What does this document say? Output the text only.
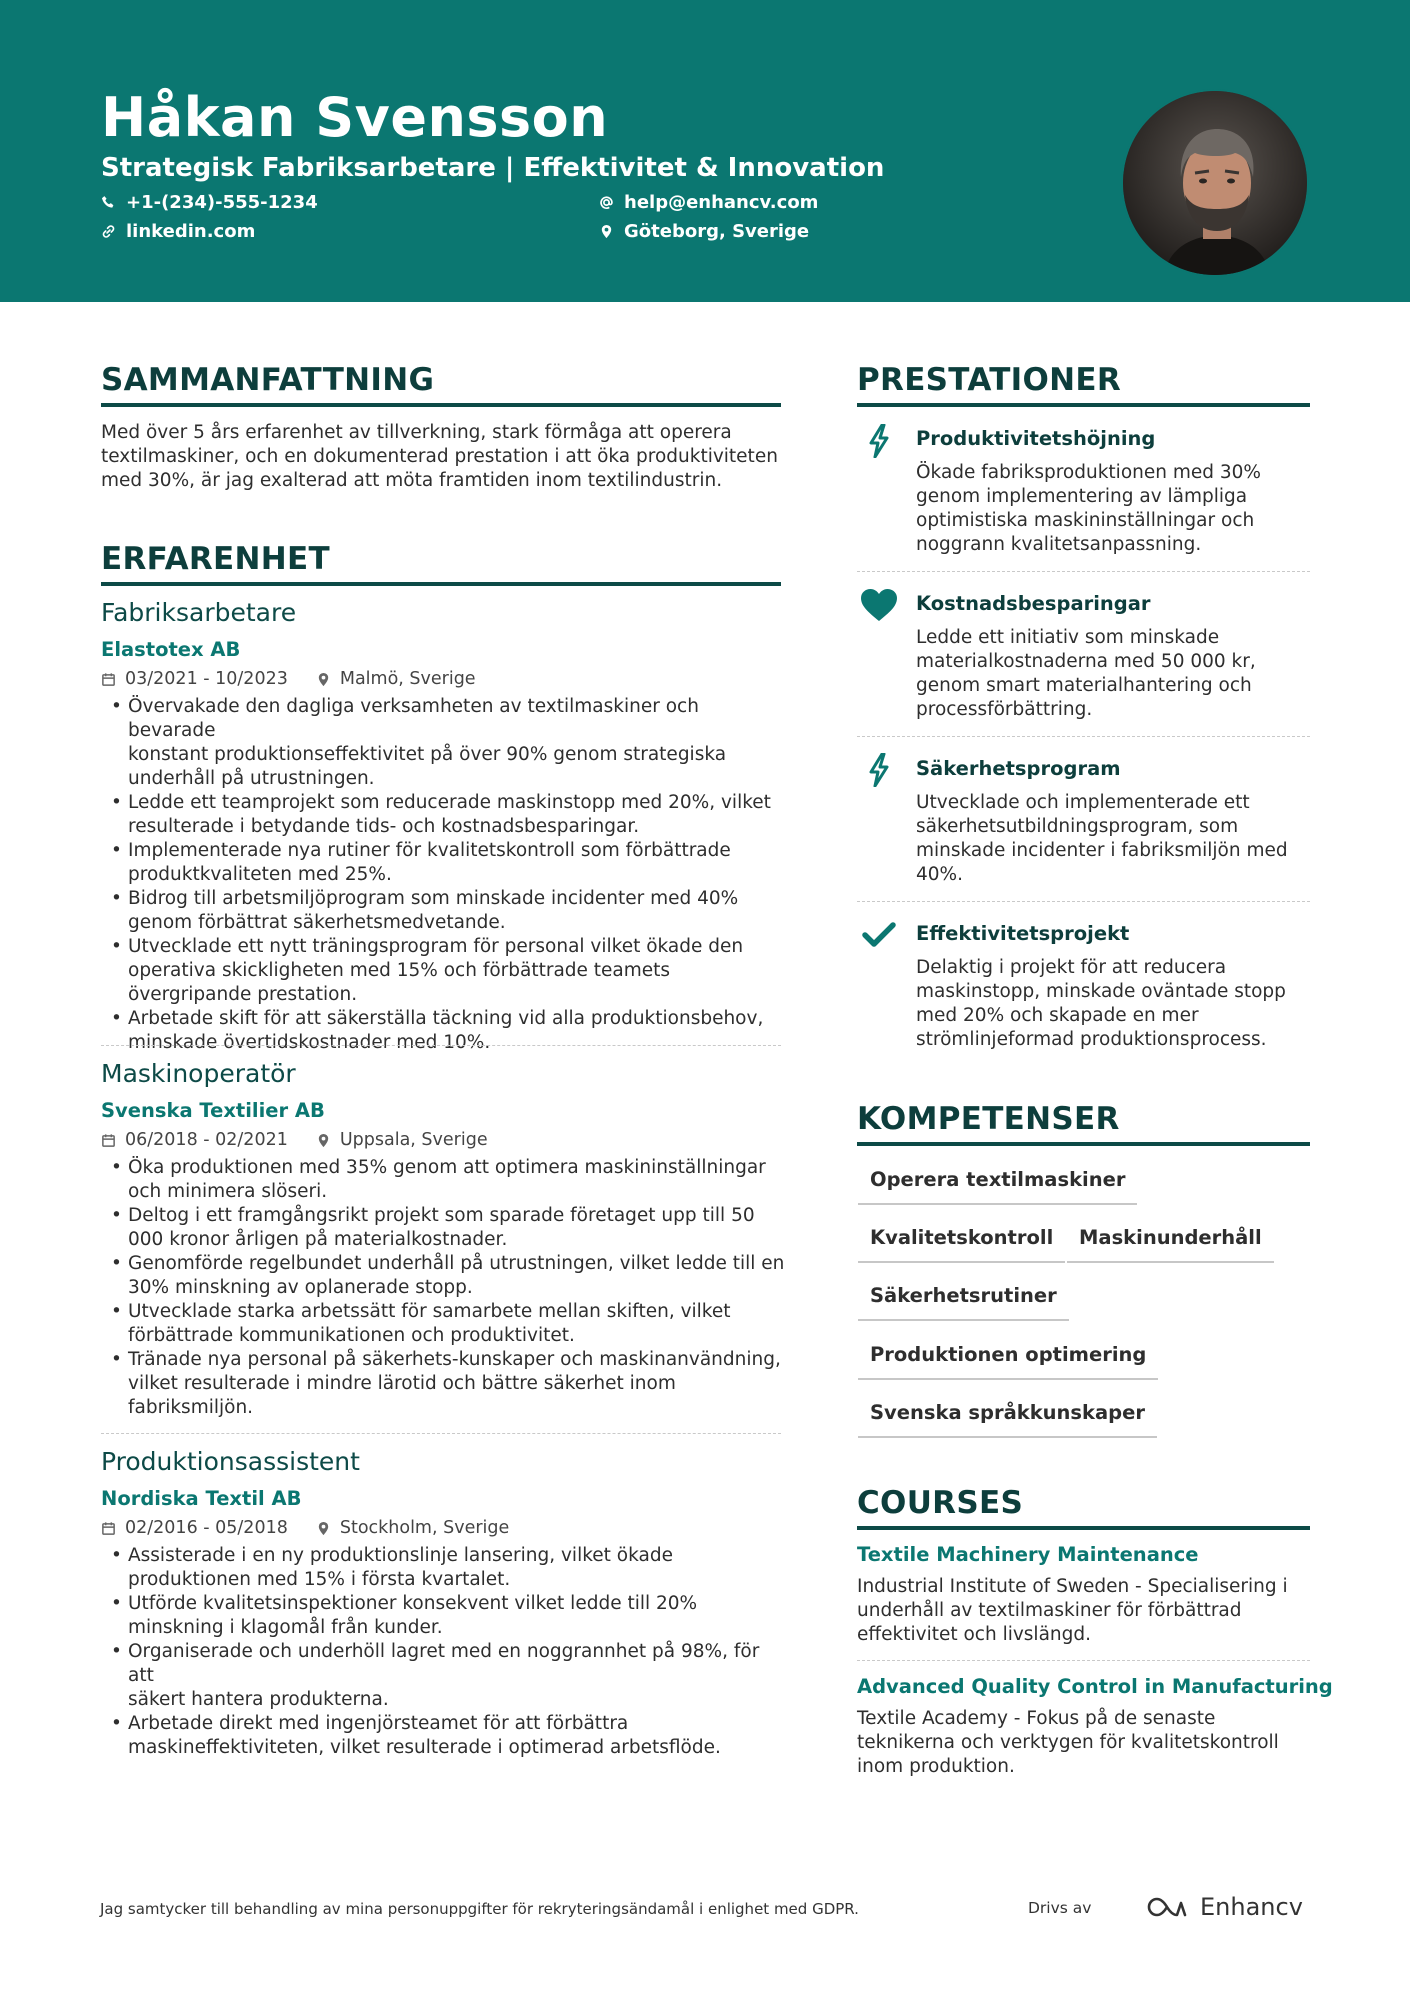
Håkan Svensson
Strategisk Fabriksarbetare | Effektivitet & Innovation
+1-(234)-555-1234	help@enhancv.com
linkedin.com	Göteborg, Sverige
SAMMANFATTNING
Med över 5 års erfarenhet av tillverkning, stark förmåga att operera
textilmaskiner, och en dokumenterad prestation i att öka produktiviteten
med 30%, är jag exalterad att möta framtiden inom textilindustrin.
ERFARENHET
Fabriksarbetare
Elastotex AB
03/2021 - 10/2023	Malmö, Sverige
• Övervakade den dagliga verksamheten av textilmaskiner och bevarade
konstant produktionseffektivitet på över 90% genom strategiska
underhåll på utrustningen.
• Ledde ett teamprojekt som reducerade maskinstopp med 20%, vilket
resulterade i betydande tids- och kostnadsbesparingar.
• Implementerade nya rutiner för kvalitetskontroll som förbättrade
produktkvaliteten med 25%.
• Bidrog till arbetsmiljöprogram som minskade incidenter med 40%
genom förbättrat säkerhetsmedvetande.
• Utvecklade ett nytt träningsprogram för personal vilket ökade den
operativa skickligheten med 15% och förbättrade teamets
övergripande prestation.
• Arbetade skift för att säkerställa täckning vid alla produktionsbehov,
minskade övertidskostnader med 10%.
Maskinoperatör
Svenska Textilier AB
06/2018 - 02/2021	Uppsala, Sverige
• Öka produktionen med 35% genom att optimera maskininställningar
och minimera slöseri.
• Deltog i ett framgångsrikt projekt som sparade företaget upp till 50
000 kronor årligen på materialkostnader.
• Genomförde regelbundet underhåll på utrustningen, vilket ledde till en
30% minskning av oplanerade stopp.
• Utvecklade starka arbetssätt för samarbete mellan skiften, vilket
förbättrade kommunikationen och produktivitet.
• Tränade nya personal på säkerhets-kunskaper och maskinanvändning,
vilket resulterade i mindre lärotid och bättre säkerhet inom
fabriksmiljön.
Produktionsassistent
Nordiska Textil AB
02/2016 - 05/2018	Stockholm, Sverige
• Assisterade i en ny produktionslinje lansering, vilket ökade
produktionen med 15% i första kvartalet.
• Utförde kvalitetsinspektioner konsekvent vilket ledde till 20%
minskning i klagomål från kunder.
• Organiserade och underhöll lagret med en noggrannhet på 98%, för att
säkert hantera produkterna.
• Arbetade direkt med ingenjörsteamet för att förbättra
maskineffektiviteten, vilket resulterade i optimerad arbetsflöde.
PRESTATIONER
Produktivitetshöjning
Ökade fabriksproduktionen med 30%
genom implementering av lämpliga
optimistiska maskininställningar och
noggrann kvalitetsanpassning.
Kostnadsbesparingar
Ledde ett initiativ som minskade
materialkostnaderna med 50 000 kr,
genom smart materialhantering och
processförbättring.
Säkerhetsprogram
Utvecklade och implementerade ett
säkerhetsutbildningsprogram, som
minskade incidenter i fabriksmiljön med
40%.
Effektivitetsprojekt
Delaktig i projekt för att reducera
maskinstopp, minskade oväntade stopp
med 20% och skapade en mer
strömlinjeformad produktionsprocess.
KOMPETENSER
Operera textilmaskiner
Kvalitetskontroll	Maskinunderhåll
Säkerhetsrutiner
Produktionen optimering
Svenska språkkunskaper
COURSES
Textile Machinery Maintenance
Industrial Institute of Sweden - Specialisering i
underhåll av textilmaskiner för förbättrad
effektivitet och livslängd.
Advanced Quality Control in Manufacturing
Textile Academy - Fokus på de senaste
teknikerna och verktygen för kvalitetskontroll
inom produktion.
Jag samtycker till behandling av mina personuppgifter för rekryteringsändamål i enlighet med GDPR.	Drivs av	Enhancv
